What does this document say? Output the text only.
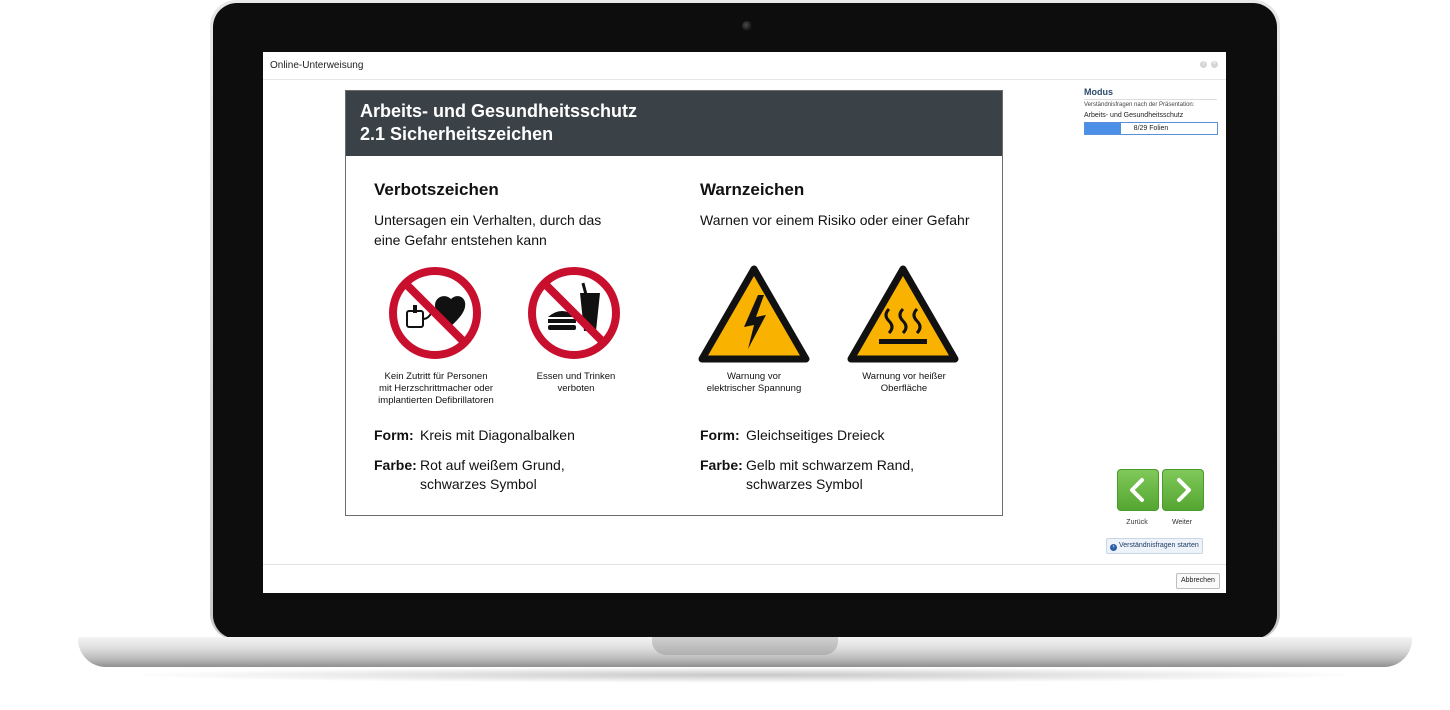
Online-Unterweisung	?	×
Arbeits- und Gesundheitsschutz
2.1 Sicherheitszeichen
Verbotszeichen
Untersagen ein Verhalten, durch das
eine Gefahr entstehen kann
Kein Zutritt für Personen
mit Herzschrittmacher oder
implantierten Defibrillatoren
Essen und Trinken
verboten
Form: Kreis mit Diagonalbalken
Farbe: Rot auf weißem Grund,
schwarzes Symbol
Warnzeichen
Warnen vor einem Risiko oder einer Gefahr
Warnung vor
elektrischer Spannung
Warnung vor heißer
Oberfläche
Form: Gleichseitiges Dreieck
Farbe: Gelb mit schwarzem Rand,
schwarzes Symbol
Modus
Verständnisfragen nach der Präsentation:
Arbeits- und Gesundheitsschutz
8/29 Folien
Zurück	Weiter
› Verständnisfragen starten
Abbrechen
